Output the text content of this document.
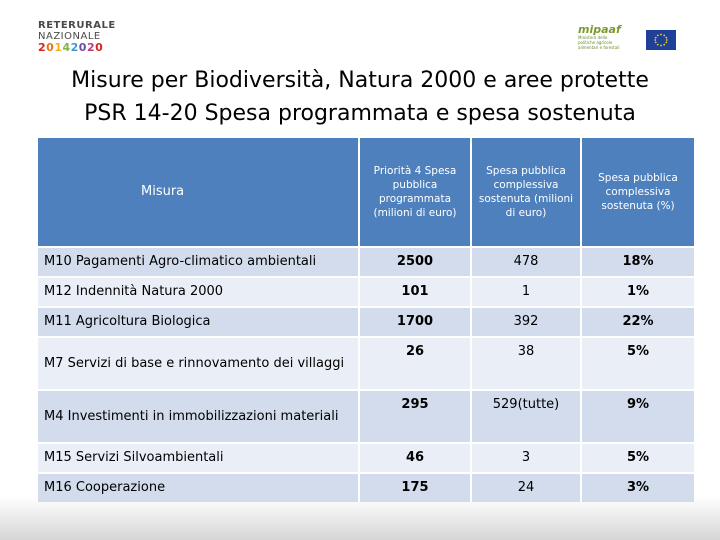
RETERURALE
NAZIONALE
20142020
mipaaf
Ministero delle
politiche agricole
alimentari e forestali
Misure per Biodiversità, Natura 2000 e aree protette
PSR 14-20 Spesa programmata e spesa sostenuta
Misura	Priorità 4 Spesa pubblica programmata (milioni di euro)	Spesa pubblica complessiva sostenuta (milioni di euro)	Spesa pubblica complessiva sostenuta (%)
M10 Pagamenti Agro-climatico ambientali	2500	478	18%
M12 Indennità Natura 2000	101	1	1%
M11 Agricoltura Biologica	1700	392	22%
M7 Servizi di base e rinnovamento dei villaggi	26	38	5%
M4 Investimenti in immobilizzazioni materiali	295	529(tutte)	9%
M15 Servizi Silvoambientali	46	3	5%
M16 Cooperazione	175	24	3%
